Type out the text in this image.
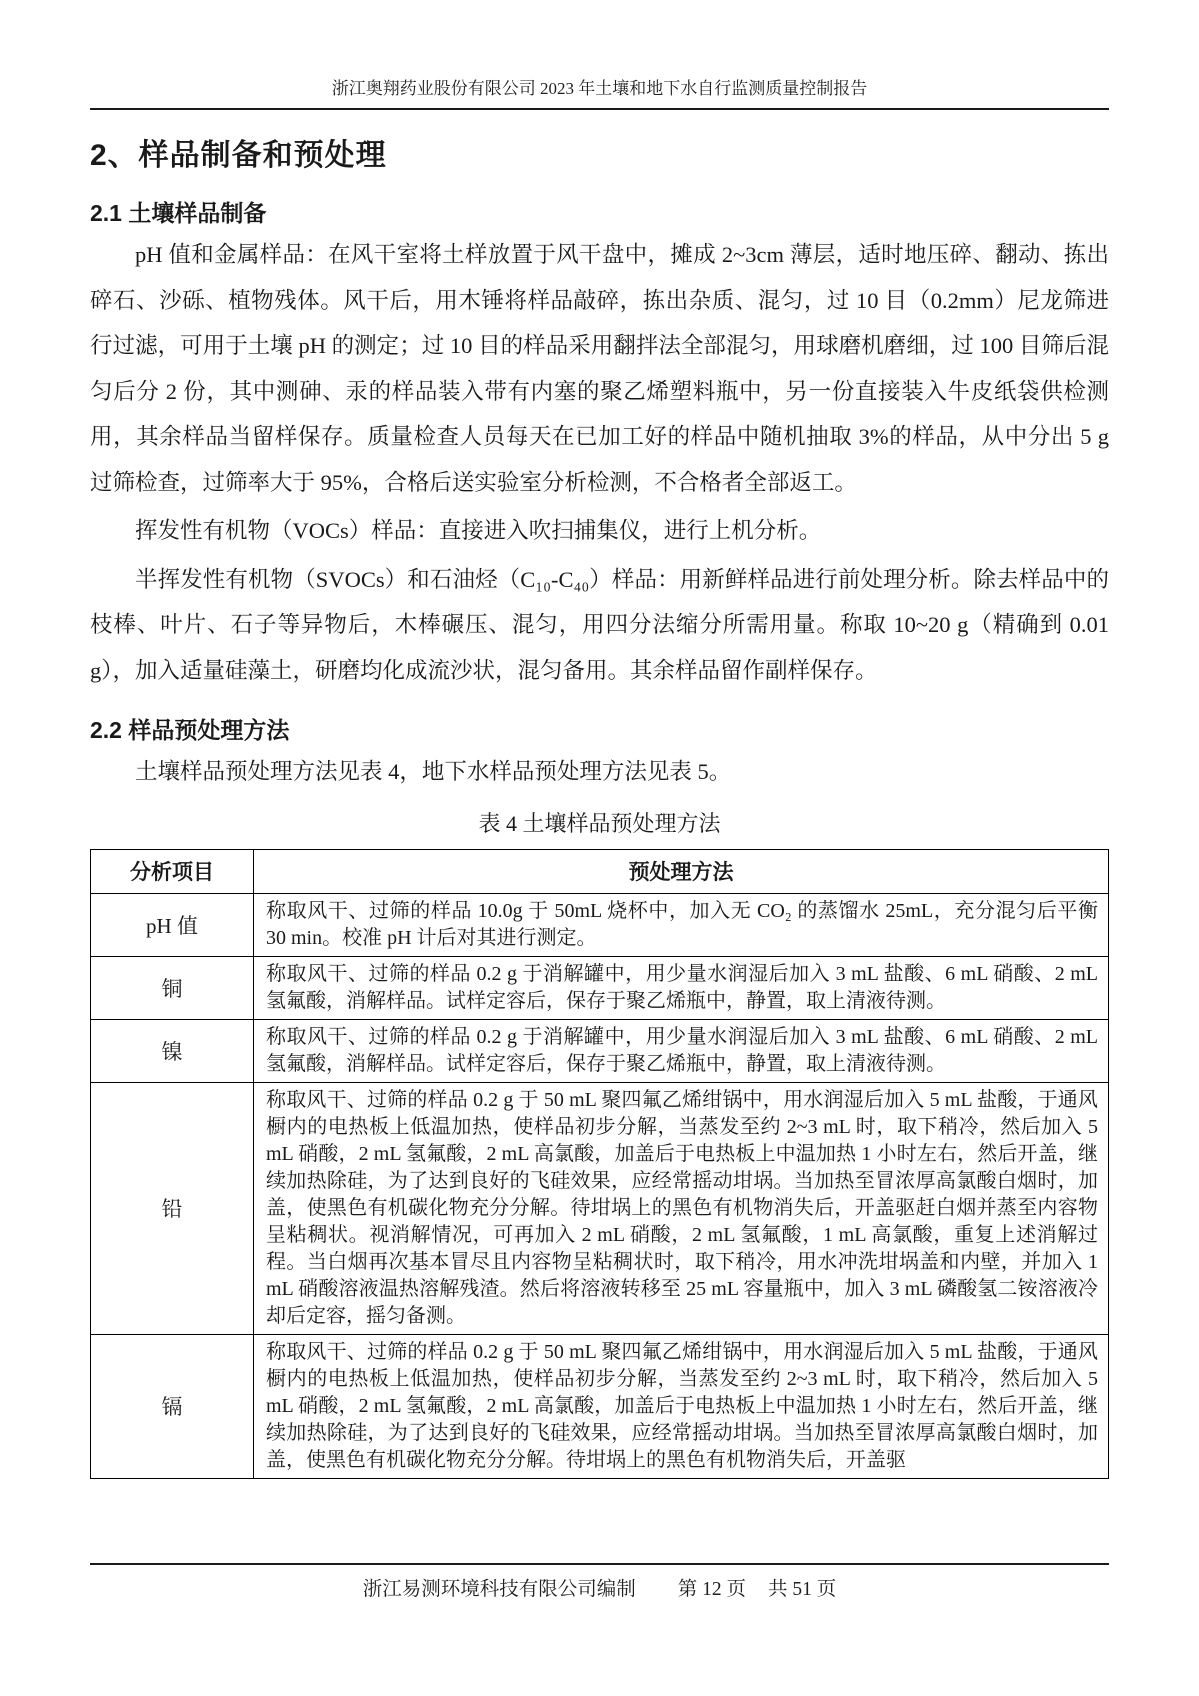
浙江奥翔药业股份有限公司 2023 年土壤和地下水自行监测质量控制报告
2、样品制备和预处理
2.1 土壤样品制备

pH 值和金属样品：在风干室将土样放置于风干盘中，摊成 2~3cm 薄层，适时地压碎、翻动、拣出碎石、沙砾、植物残体。风干后，用木锤将样品敲碎，拣出杂质、混匀，过 10 目（0.2mm）尼龙筛进行过滤，可用于土壤 pH 的测定；过 10 目的样品采用翻拌法全部混匀，用球磨机磨细，过 100 目筛后混匀后分 2 份，其中测砷、汞的样品装入带有内塞的聚乙烯塑料瓶中，另一份直接装入牛皮纸袋供检测用，其余样品当留样保存。质量检查人员每天在已加工好的样品中随机抽取 3%的样品，从中分出 5 g 过筛检查，过筛率大于 95%，合格后送实验室分析检测，不合格者全部返工。

挥发性有机物（VOCs）样品：直接进入吹扫捕集仪，进行上机分析。

半挥发性有机物（SVOCs）和石油烃（C₁₀-C₄₀）样品：用新鲜样品进行前处理分析。除去样品中的枝棒、叶片、石子等异物后，木棒碾压、混匀，用四分法缩分所需用量。称取 10~20 g（精确到 0.01 g），加入适量硅藻土，研磨均化成流沙状，混匀备用。其余样品留作副样保存。

2.2 样品预处理方法

土壤样品预处理方法见表 4，地下水样品预处理方法见表 5。

表 4 土壤样品预处理方法
分析项目	预处理方法
pH 值	称取风干、过筛的样品 10.0g 于 50mL 烧杯中，加入无 CO₂ 的蒸馏水 25mL，充分混匀后平衡 30 min。校准 pH 计后对其进行测定。
铜	称取风干、过筛的样品 0.2 g 于消解罐中，用少量水润湿后加入 3 mL 盐酸、6 mL 硝酸、2 mL 氢氟酸，消解样品。试样定容后，保存于聚乙烯瓶中，静置，取上清液待测。
镍	称取风干、过筛的样品 0.2 g 于消解罐中，用少量水润湿后加入 3 mL 盐酸、6 mL 硝酸、2 mL 氢氟酸，消解样品。试样定容后，保存于聚乙烯瓶中，静置，取上清液待测。
铅	称取风干、过筛的样品 0.2 g 于 50 mL 聚四氟乙烯绀锅中，用水润湿后加入 5 mL 盐酸，于通风橱内的电热板上低温加热，使样品初步分解，当蒸发至约 2~3 mL 时，取下稍冷，然后加入 5 mL 硝酸，2 mL 氢氟酸，2 mL 高氯酸，加盖后于电热板上中温加热 1 小时左右，然后开盖，继续加热除硅，为了达到良好的飞硅效果，应经常摇动坩埚。当加热至冒浓厚高氯酸白烟时，加盖，使黑色有机碳化物充分分解。待坩埚上的黑色有机物消失后，开盖驱赶白烟并蒸至内容物呈粘稠状。视消解情况，可再加入 2 mL 硝酸，2 mL 氢氟酸，1 mL 高氯酸，重复上述消解过程。当白烟再次基本冒尽且内容物呈粘稠状时，取下稍冷，用水冲洗坩埚盖和内壁，并加入 1 mL 硝酸溶液温热溶解残渣。然后将溶液转移至 25 mL 容量瓶中，加入 3 mL 磷酸氢二铵溶液冷却后定容，摇匀备测。
镉	称取风干、过筛的样品 0.2 g 于 50 mL 聚四氟乙烯绀锅中，用水润湿后加入 5 mL 盐酸，于通风橱内的电热板上低温加热，使样品初步分解，当蒸发至约 2~3 mL 时，取下稍冷，然后加入 5 mL 硝酸，2 mL 氢氟酸，2 mL 高氯酸，加盖后于电热板上中温加热 1 小时左右，然后开盖，继续加热除硅，为了达到良好的飞硅效果，应经常摇动坩埚。当加热至冒浓厚高氯酸白烟时，加盖，使黑色有机碳化物充分分解。待坩埚上的黑色有机物消失后，开盖驱
浙江易测环境科技有限公司编制 第 12 页 共 51 页
